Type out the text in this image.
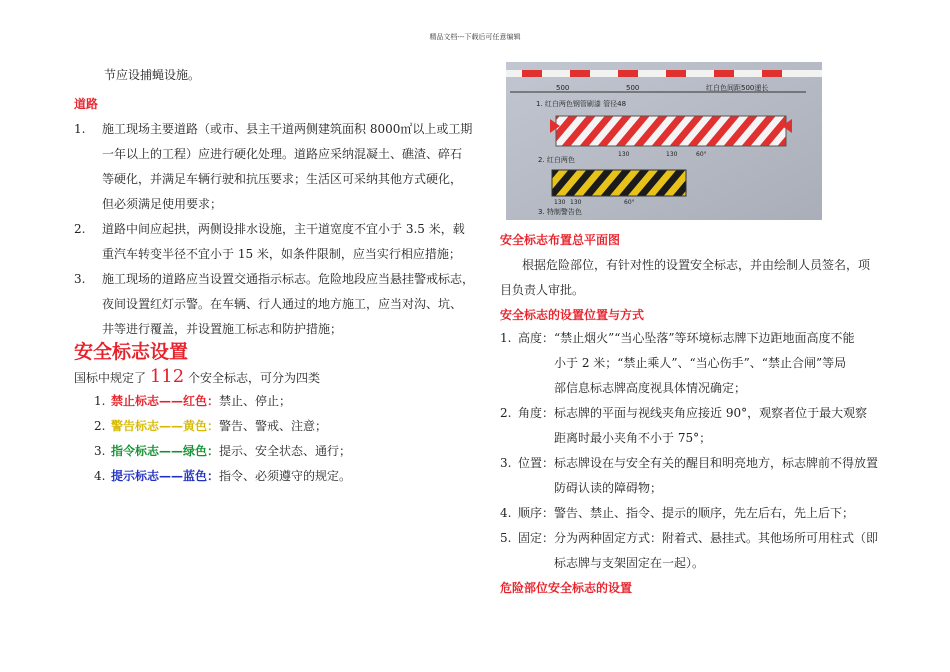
精品文档---下载后可任意编辑
节应设捕蝇设施。
道路
1. 施工现场主要道路（或市、县主干道两侧建筑面积 8000㎡以上或工期
一年以上的工程）应进行硬化处理。道路应采纳混凝土、礁渣、碎石
等硬化，并满足车辆行驶和抗压要求；生活区可采纳其他方式硬化，
但必须满足使用要求；
2. 道路中间应起拱，两侧设排水设施，主干道宽度不宜小于 3.5 米，载
重汽车转变半径不宜小于 15 米，如条件限制，应当实行相应措施；
3. 施工现场的道路应当设置交通指示标志。危险地段应当悬挂警戒标志，
夜间设置红灯示警。在车辆、行人通过的地方施工，应当对沟、坑、
井等进行覆盖，并设置施工标志和防护措施；
安全标志设置
国标中规定了 112 个安全标志，可分为四类
1. 禁止标志——红色：禁止、停止；
2. 警告标志——黄色：警告、警戒、注意；
3. 指令标志——绿色：提示、安全状态、通行；
4. 提示标志——蓝色：指令、必须遵守的规定。
500	500	红白色间距500递长
1. 红白两色钢管刷漆 管径48
130	130	60°
2. 红白两色
130 130	60°
3. 特制警告色
安全标志布置总平面图
根据危险部位，有针对性的设置安全标志，并由绘制人员签名，项
目负责人审批。
安全标志的设置位置与方式
1. 高度：“禁止烟火”“当心坠落”等环境标志牌下边距地面高度不能
小于 2 米；“禁止乘人”、“当心伤手”、“禁止合闸”等局
部信息标志牌高度视具体情况确定；
2. 角度：标志牌的平面与视线夹角应接近 90°，观察者位于最大观察
距离时最小夹角不小于 75°；
3. 位置：标志牌设在与安全有关的醒目和明亮地方，标志牌前不得放置
防碍认读的障碍物；
4. 顺序：警告、禁止、指令、提示的顺序，先左后右，先上后下；
5. 固定：分为两种固定方式：附着式、悬挂式。其他场所可用柱式（即
标志牌与支架固定在一起）。
危险部位安全标志的设置
